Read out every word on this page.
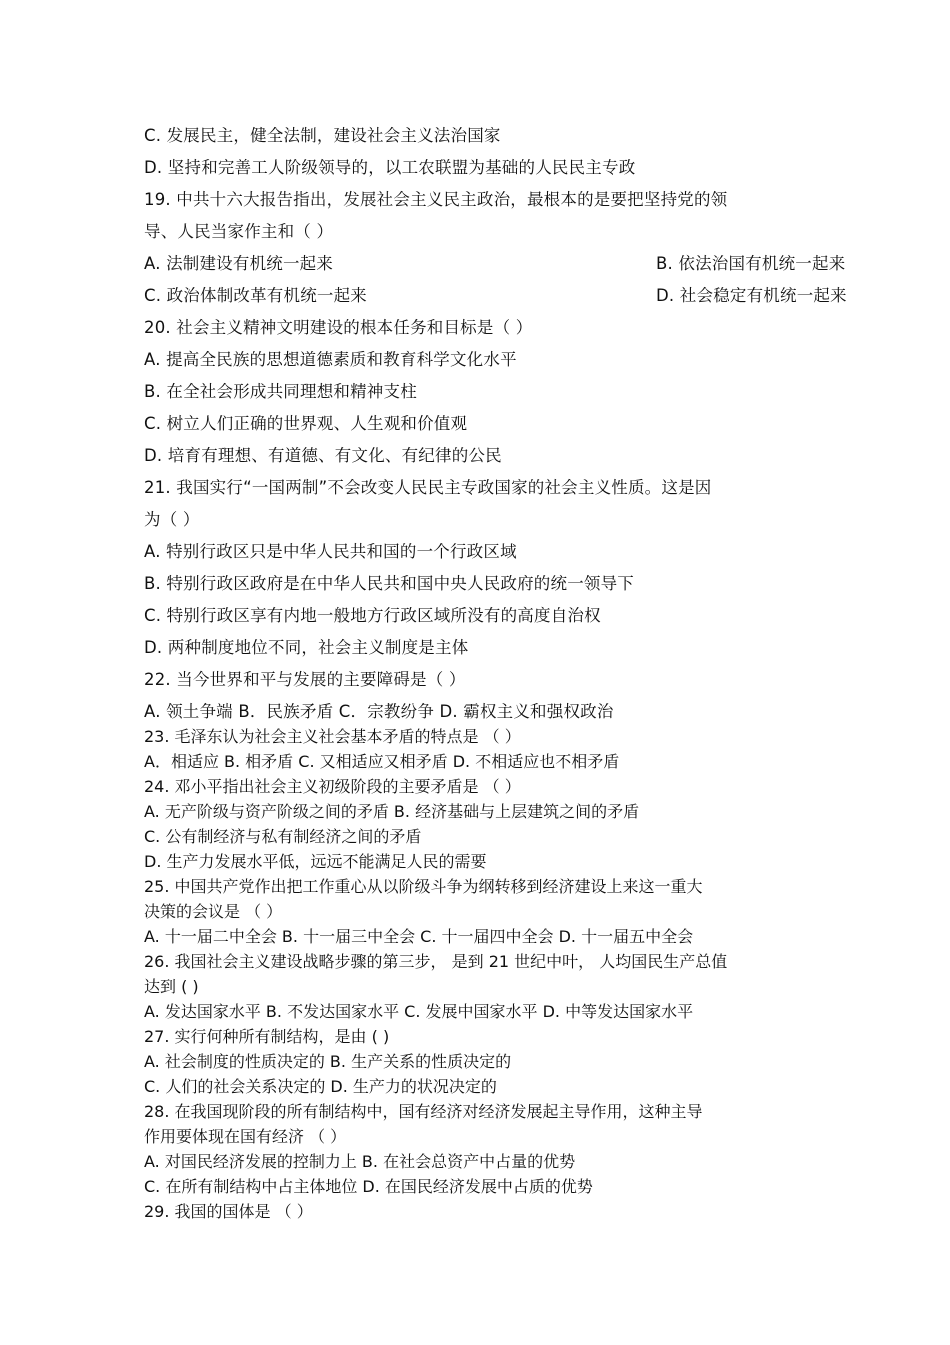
C. 发展民主，健全法制，建设社会主义法治国家
D. 坚持和完善工人阶级领导的，以工农联盟为基础的人民民主专政
19. 中共十六大报告指出，发展社会主义民主政治，最根本的是要把坚持党的领
导、人民当家作主和（ ）
A. 法制建设有机统一起来	B. 依法治国有机统一起来
C. 政治体制改革有机统一起来	D. 社会稳定有机统一起来
20. 社会主义精神文明建设的根本任务和目标是（ ）
A. 提高全民族的思想道德素质和教育科学文化水平
B. 在全社会形成共同理想和精神支柱
C. 树立人们正确的世界观、人生观和价值观
D. 培育有理想、有道德、有文化、有纪律的公民
21. 我国实行“一国两制”不会改变人民民主专政国家的社会主义性质。这是因
为（ ）
A. 特别行政区只是中华人民共和国的一个行政区域
B. 特别行政区政府是在中华人民共和国中央人民政府的统一领导下
C. 特别行政区享有内地一般地方行政区域所没有的高度自治权
D. 两种制度地位不同，社会主义制度是主体
22. 当今世界和平与发展的主要障碍是（ ）
A. 领土争端 B．民族矛盾 C．宗教纷争 D. 霸权主义和强权政治
23. 毛泽东认为社会主义社会基本矛盾的特点是 （ ）
A．相适应 B. 相矛盾 C. 又相适应又相矛盾 D. 不相适应也不相矛盾
24. 邓小平指出社会主义初级阶段的主要矛盾是 （ ）
A. 无产阶级与资产阶级之间的矛盾 B. 经济基础与上层建筑之间的矛盾
C. 公有制经济与私有制经济之间的矛盾
D. 生产力发展水平低，远远不能满足人民的需要
25. 中国共产党作出把工作重心从以阶级斗争为纲转移到经济建设上来这一重大
决策的会议是 （ ）
A. 十一届二中全会 B. 十一届三中全会 C. 十一届四中全会 D. 十一届五中全会
26. 我国社会主义建设战略步骤的第三步， 是到 21 世纪中叶， 人均国民生产总值
达到 ( )
A. 发达国家水平 B. 不发达国家水平 C. 发展中国家水平 D. 中等发达国家水平
27. 实行何种所有制结构，是由 ( )
A. 社会制度的性质决定的 B. 生产关系的性质决定的
C. 人们的社会关系决定的 D. 生产力的状况决定的
28. 在我国现阶段的所有制结构中，国有经济对经济发展起主导作用，这种主导
作用要体现在国有经济 （ ）
A. 对国民经济发展的控制力上 B. 在社会总资产中占量的优势
C. 在所有制结构中占主体地位 D. 在国民经济发展中占质的优势
29. 我国的国体是 （ ）
